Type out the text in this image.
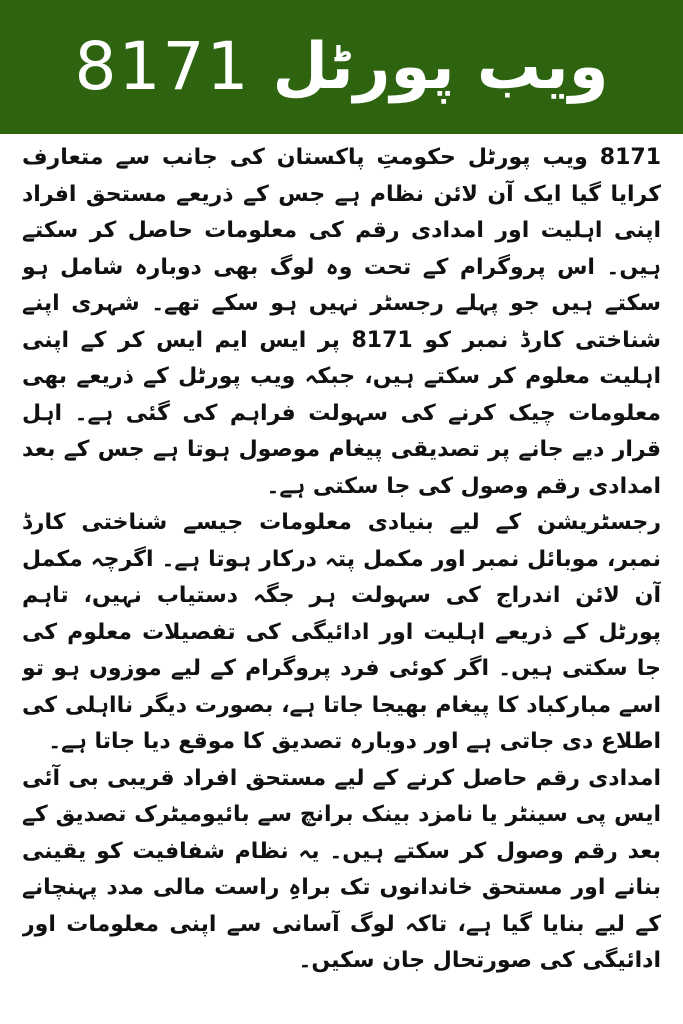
ویب پورٹل
8171

8171 ویب پورٹل حکومتِ پاکستان کی جانب سے متعارف کرایا گیا ایک آن لائن نظام ہے جس کے ذریعے مستحق افراد اپنی اہلیت اور امدادی رقم کی معلومات حاصل کر سکتے ہیں۔ اس پروگرام کے تحت وہ لوگ بھی دوبارہ شامل ہو سکتے ہیں جو پہلے رجسٹر نہیں ہو سکے تھے۔ شہری اپنے شناختی کارڈ نمبر کو 8171 پر ایس ایم ایس کر کے اپنی اہلیت معلوم کر سکتے ہیں، جبکہ ویب پورٹل کے ذریعے بھی معلومات چیک کرنے کی سہولت فراہم کی گئی ہے۔ اہل قرار دیے جانے پر تصدیقی پیغام موصول ہوتا ہے جس کے بعد امدادی رقم وصول کی جا سکتی ہے۔

رجسٹریشن کے لیے بنیادی معلومات جیسے شناختی کارڈ نمبر، موبائل نمبر اور مکمل پتہ درکار ہوتا ہے۔ اگرچہ مکمل آن لائن اندراج کی سہولت ہر جگہ دستیاب نہیں، تاہم پورٹل کے ذریعے اہلیت اور ادائیگی کی تفصیلات معلوم کی جا سکتی ہیں۔ اگر کوئی فرد پروگرام کے لیے موزوں ہو تو اسے مبارکباد کا پیغام بھیجا جاتا ہے، بصورت دیگر نااہلی کی اطلاع دی جاتی ہے اور دوبارہ تصدیق کا موقع دیا جاتا ہے۔

امدادی رقم حاصل کرنے کے لیے مستحق افراد قریبی بی آئی ایس پی سینٹر یا نامزد بینک برانچ سے بائیومیٹرک تصدیق کے بعد رقم وصول کر سکتے ہیں۔ یہ نظام شفافیت کو یقینی بنانے اور مستحق خاندانوں تک براہِ راست مالی مدد پہنچانے کے لیے بنایا گیا ہے، تاکہ لوگ آسانی سے اپنی معلومات اور ادائیگی کی صورتحال جان سکیں۔
